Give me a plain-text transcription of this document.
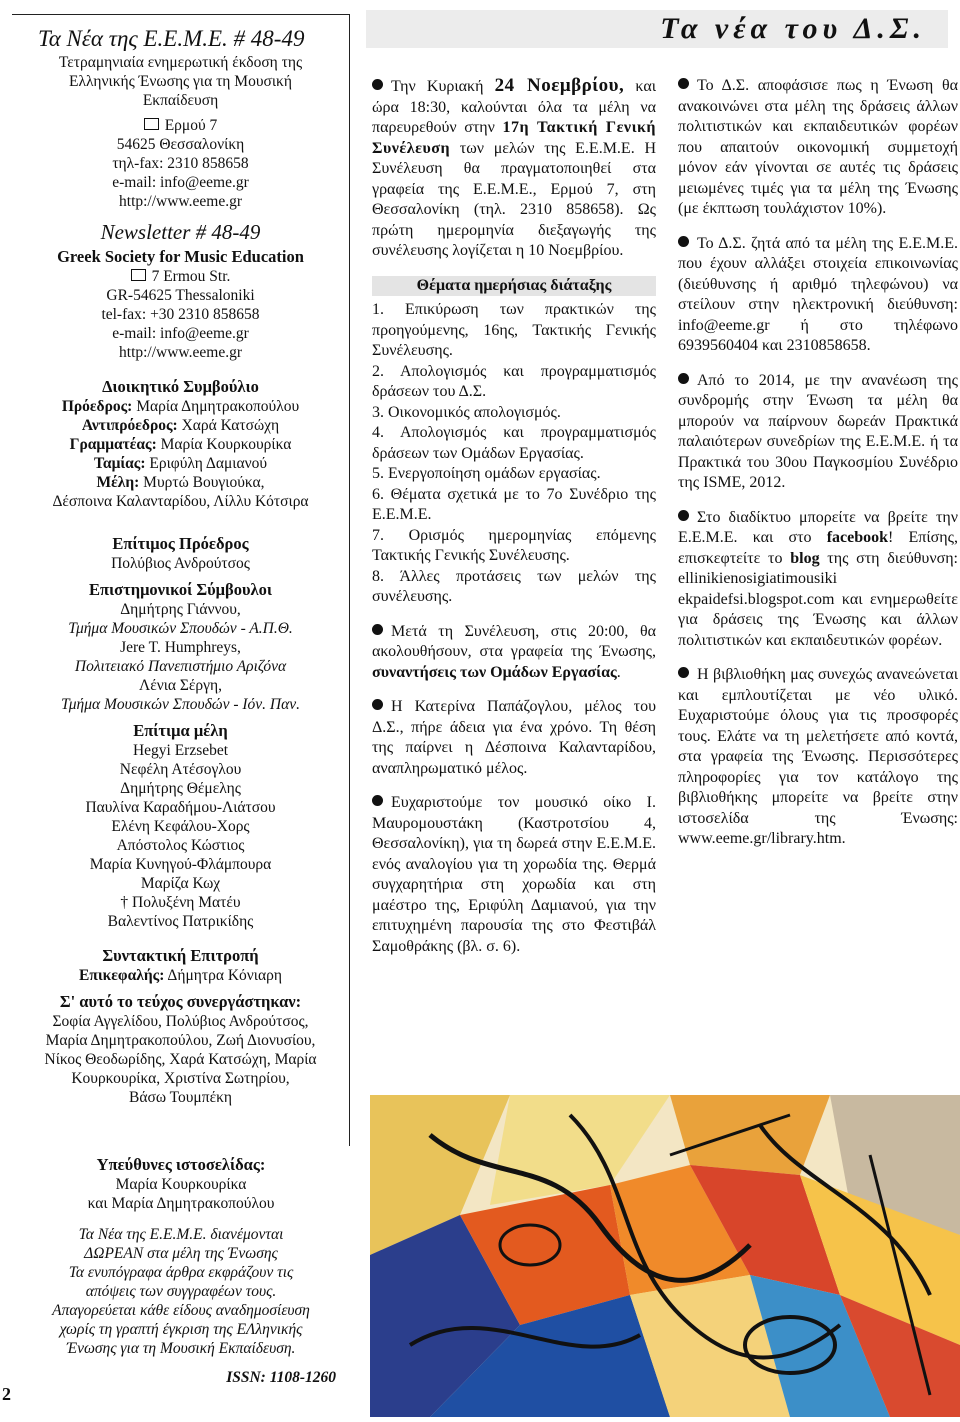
Τα Νέα της Ε.Ε.Μ.Ε. # 48-49
Τετραμηνιαία ενημερωτική έκδοση της
Ελληνικής Ένωσης για τη Μουσική
Εκπαίδευση
Ερμού 7
54625 Θεσσαλονίκη
τηλ-fax: 2310 858658
e-mail: info@eeme.gr
http://www.eeme.gr
Newsletter # 48-49
Greek Society for Music Education
7 Ermou Str.
GR-54625 Thessaloniki
tel-fax: +30 2310 858658
e-mail: info@eeme.gr
http://www.eeme.gr
Διοικητικό Συμβούλιο
Πρόεδρος: Μαρία Δημητρακοπούλου
Αντιπρόεδρος: Χαρά Κατσώχη
Γραμματέας: Μαρία Κουρκουρίκα
Ταμίας: Εριφύλη Δαμιανού
Μέλη: Μυρτώ Βουγιούκα,
Δέσποινα Καλανταρίδου, Λίλλυ Κότσιρα
Επίτιμος Πρόεδρος
Πολύβιος Ανδρούτσος
Επιστημονικοί Σύμβουλοι
Δημήτρης Γιάννου,
Τμήμα Μουσικών Σπουδών - Α.Π.Θ.
Jere T. Humphreys,
Πολιτειακό Πανεπιστήμιο Αριζόνα
Λένια Σέργη,
Τμήμα Μουσικών Σπουδών - Ιόν. Παν.
Επίτιμα μέλη
Hegyi Erzsebet
Νεφέλη Ατέσογλου
Δημήτρης Θέμελης
Παυλίνα Καραδήμου-Λιάτσου
Ελένη Κεφάλου-Χορς
Απόστολος Κώστιος
Μαρία Κυνηγού-Φλάμπουρα
Μαρίζα Κωχ
† Πολυξένη Ματέυ
Βαλεντίνος Πατρικίδης
Συντακτική Επιτροπή
Επικεφαλής: Δήμητρα Κόνιαρη
Σ' αυτό το τεύχος συνεργάστηκαν:
Σοφία Αγγελίδου, Πολύβιος Ανδρούτσος,
Μαρία Δημητρακοπούλου, Ζωή Διονυσίου,
Νίκος Θεοδωρίδης, Χαρά Κατσώχη, Μαρία
Κουρκουρίκα, Χριστίνα Σωτηρίου,
Βάσω Τουμπέκη
Υπεύθυνες ιστοσελίδας:
Μαρία Κουρκουρίκα
και Μαρία Δημητρακοπούλου
Τα Νέα της Ε.Ε.Μ.Ε. διανέμονται
ΔΩΡΕΑΝ στα μέλη της Ένωσης
Τα ενυπόγραφα άρθρα εκφράζουν τις
απόψεις των συγγραφέων τους.
Απαγορεύεται κάθε είδους αναδημοσίευση
χωρίς τη γραπτή έγκριση της ΕΛληνικής
Ένωσης για τη Μουσική Εκπαίδευση.
ISSN: 1108-1260
2
Τα νέα του Δ.Σ.
Την Κυριακή 24 Νοεμβρίου, και ώρα 18:30, καλούνται όλα τα μέλη να παρευρεθούν στην 17η Τακτική Γενική Συνέλευση των μελών της Ε.Ε.Μ.Ε. Η Συνέλευση θα πραγματοποιηθεί στα γραφεία της Ε.Ε.Μ.Ε., Ερμού 7, στη Θεσσαλονίκη (τηλ. 2310 858658). Ως πρώτη ημερομηνία διεξαγωγής της συνέλευσης λογίζεται η 10 Νοεμβρίου.
Θέματα ημερήσιας διάταξης
1. Επικύρωση των πρακτικών της προηγούμενης, 16ης, Τακτικής Γενικής Συνέλευσης.
2. Απολογισμός και προγραμματισμός δράσεων του Δ.Σ.
3. Οικονομικός απολογισμός.
4. Απολογισμός και προγραμματισμός δράσεων των Ομάδων Εργασίας.
5. Ενεργοποίηση ομάδων εργασίας.
6. Θέματα σχετικά με το 7ο Συνέδριο της Ε.Ε.Μ.Ε.
7. Ορισμός ημερομηνίας επόμενης Τακτικής Γενικής Συνέλευσης.
8. Άλλες προτάσεις των μελών της συνέλευσης.
Μετά τη Συνέλευση, στις 20:00, θα ακολουθήσουν, στα γραφεία της Ένωσης, συναντήσεις των Ομάδων Εργασίας.
Η Κατερίνα Παπάζογλου, μέλος του Δ.Σ., πήρε άδεια για ένα χρόνο. Τη θέση της παίρνει η Δέσποινα Καλανταρίδου, αναπληρωματικό μέλος.
Ευχαριστούμε τον μουσικό οίκο Ι. Μαυρομουστάκη (Καστροτσίου 4, Θεσσαλονίκη), για τη δωρεά στην Ε.Ε.Μ.Ε. ενός αναλογίου για τη χορωδία της. Θερμά συγχαρητήρια στη χορωδία και στη μαέστρο της, Εριφύλη Δαμιανού, για την επιτυχημένη παρουσία της στο Φεστιβάλ Σαμοθράκης (βλ. σ. 6).
Το Δ.Σ. αποφάσισε πως η Ένωση θα ανακοινώνει στα μέλη της δράσεις άλλων πολιτιστικών και εκπαιδευτικών φορέων που απαιτούν οικονομική συμμετοχή μόνον εάν γίνονται σε αυτές τις δράσεις μειωμένες τιμές για τα μέλη της Ένωσης (με έκπτωση τουλάχιστον 10%).
Το Δ.Σ. ζητά από τα μέλη της Ε.Ε.Μ.Ε. που έχουν αλλάξει στοιχεία επικοινωνίας (διεύθυνσης ή αριθμό τηλεφώνου) να στείλουν στην ηλεκτρονική διεύθυνση: info@eeme.gr ή στο τηλέφωνο 6939560404 και 2310858658.
Από το 2014, με την ανανέωση της συνδρομής στην Ένωση τα μέλη θα μπορούν να παίρνουν δωρεάν Πρακτικά παλαιότερων συνεδρίων της Ε.Ε.Μ.Ε. ή τα Πρακτικά του 30ου Παγκοσμίου Συνέδριο της ISME, 2012.
Στο διαδίκτυο μπορείτε να βρείτε την Ε.Ε.Μ.Ε. και στο facebook! Επίσης, επισκεφτείτε το blog της στη διεύθυνση: ellinikienosigiatimousiki ekpaidefsi.blogspot.com και ενημερωθείτε για δράσεις της Ένωσης και άλλων πολιτιστικών και εκπαιδευτικών φορέων.
Η βιβλιοθήκη μας συνεχώς ανανεώνεται και εμπλουτίζεται με νέο υλικό. Ευχαριστούμε όλους για τις προσφορές τους. Ελάτε να τη μελετήσετε από κοντά, στα γραφεία της Ένωσης. Περισσότερες πληροφορίες για τον κατάλογο της βιβλιοθήκης μπορείτε να βρείτε στην ιστοσελίδα της Ένωσης: www.eeme.gr/library.htm.
